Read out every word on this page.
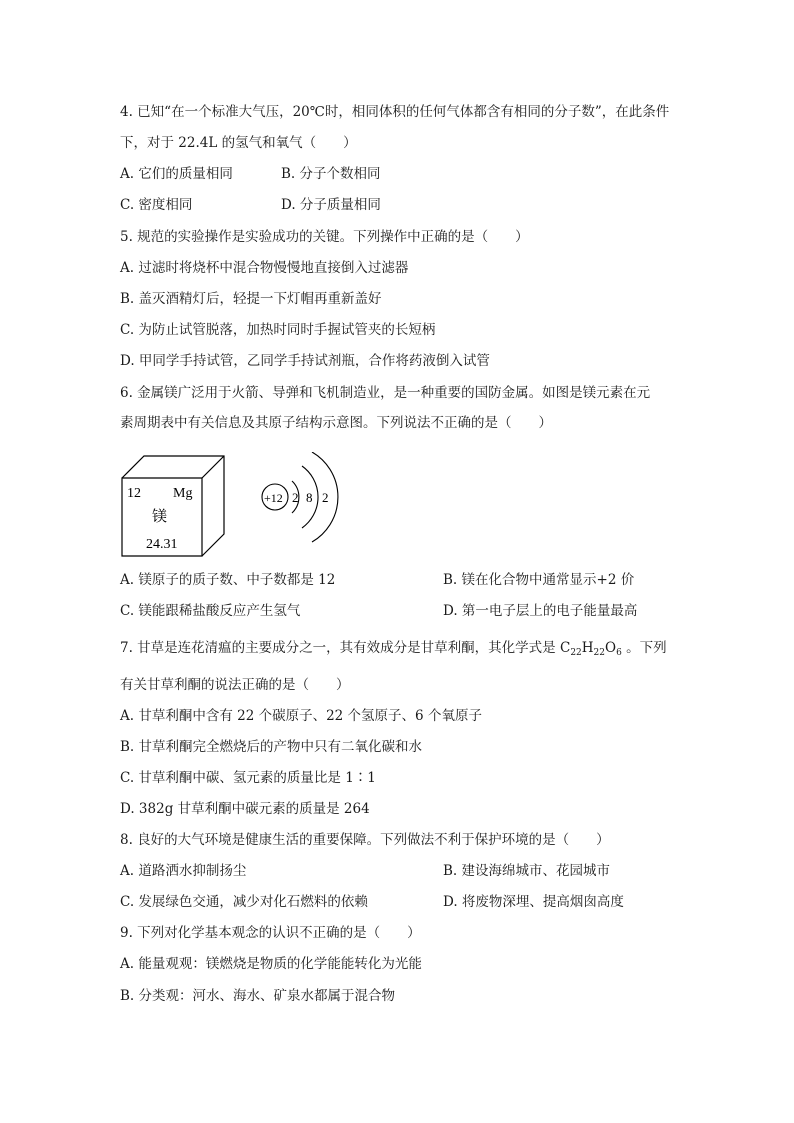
4. 已知“在一个标准大气压，20℃时，相同体积的任何气体都含有相同的分子数”，在此条件
下，对于 22.4L 的氢气和氧气（　　）
A. 它们的质量相同	B. 分子个数相同
C. 密度相同	D. 分子质量相同
5. 规范的实验操作是实验成功的关键。下列操作中正确的是（　　）
A. 过滤时将烧杯中混合物慢慢地直接倒入过滤器
B. 盖灭酒精灯后，轻提一下灯帽再重新盖好
C. 为防止试管脱落，加热时同时手握试管夹的长短柄
D. 甲同学手持试管，乙同学手持试剂瓶，合作将药液倒入试管
6. 金属镁广泛用于火箭、导弹和飞机制造业，是一种重要的国防金属。如图是镁元素在元
素周期表中有关信息及其原子结构示意图。下列说法不正确的是（　　）
12 Mg
镁
24.31
+12 2 8 2
A. 镁原子的质子数、中子数都是 12	B. 镁在化合物中通常显示+2 价
C. 镁能跟稀盐酸反应产生氢气	D. 第一电子层上的电子能量最高
7. 甘草是连花清瘟的主要成分之一，其有效成分是甘草利酮，其化学式是 $C_{22}H_{22}O_6$ 。下列
有关甘草利酮的说法正确的是（　　）
A. 甘草利酮中含有 22 个碳原子、22 个氢原子、6 个氧原子
B. 甘草利酮完全燃烧后的产物中只有二氧化碳和水
C. 甘草利酮中碳、氢元素的质量比是 1∶1
D. 382g 甘草利酮中碳元素的质量是 264
8. 良好的大气环境是健康生活的重要保障。下列做法不利于保护环境的是（　　）
A. 道路洒水抑制扬尘	B. 建设海绵城市、花园城市
C. 发展绿色交通，减少对化石燃料的依赖	D. 将废物深埋、提高烟囱高度
9. 下列对化学基本观念的认识不正确的是（　　）
A. 能量观观：镁燃烧是物质的化学能能转化为光能
B. 分类观：河水、海水、矿泉水都属于混合物
